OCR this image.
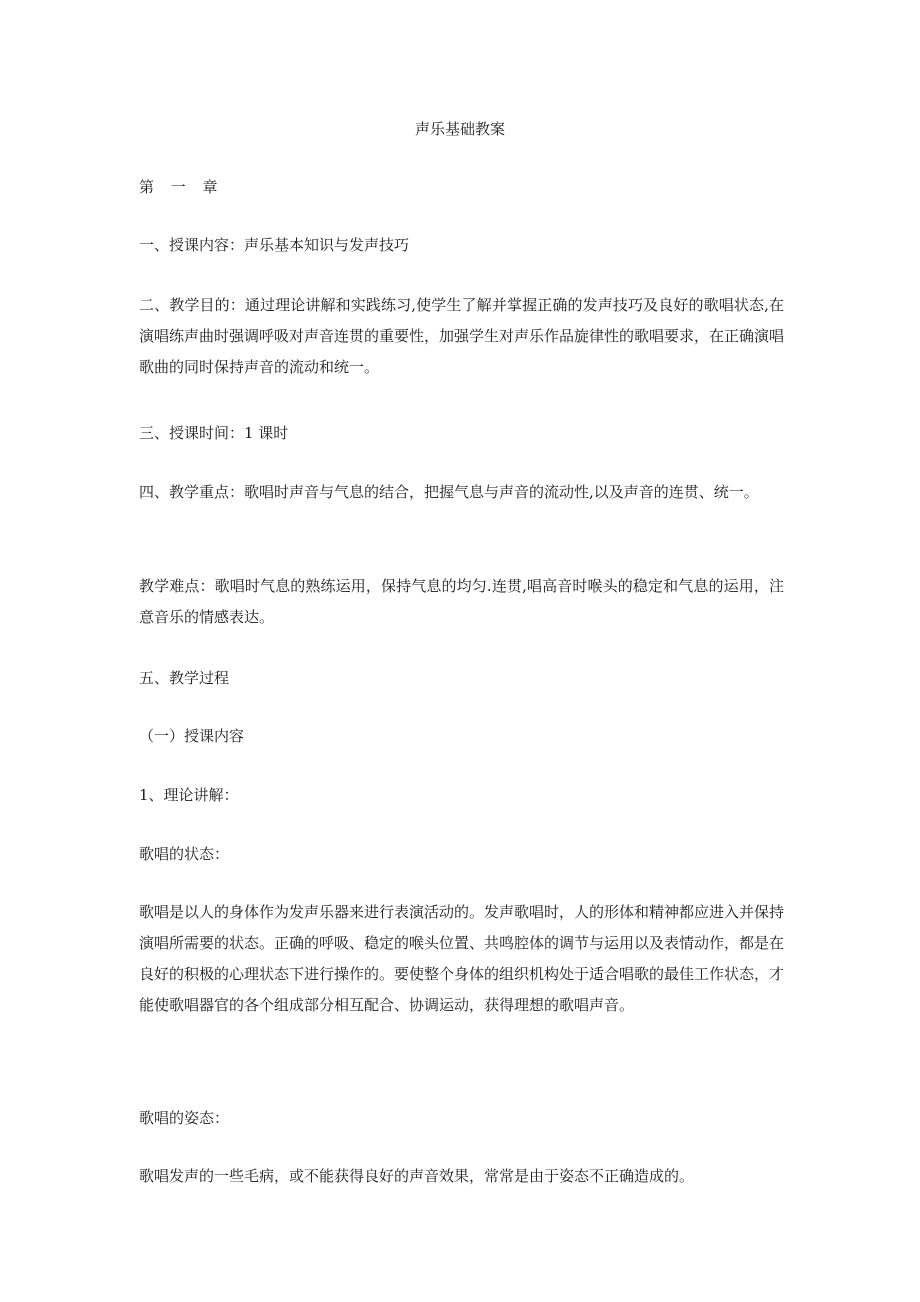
声乐基础教案

第 一 章

一、授课内容：声乐基本知识与发声技巧

二、教学目的：通过理论讲解和实践练习,使学生了解并掌握正确的发声技巧及良好的歌唱状态,在演唱练声曲时强调呼吸对声音连贯的重要性，加强学生对声乐作品旋律性的歌唱要求，在正确演唱歌曲的同时保持声音的流动和统一。

三、授课时间：1 课时

四、教学重点：歌唱时声音与气息的结合，把握气息与声音的流动性,以及声音的连贯、统一。

教学难点：歌唱时气息的熟练运用，保持气息的均匀.连贯,唱高音时喉头的稳定和气息的运用，注意音乐的情感表达。

五、教学过程

（一）授课内容

1、理论讲解：

歌唱的状态：

歌唱是以人的身体作为发声乐器来进行表演活动的。发声歌唱时，人的形体和精神都应进入并保持演唱所需要的状态。正确的呼吸、稳定的喉头位置、共鸣腔体的调节与运用以及表情动作，都是在良好的积极的心理状态下进行操作的。要使整个身体的组织机构处于适合唱歌的最佳工作状态，才能使歌唱器官的各个组成部分相互配合、协调运动，获得理想的歌唱声音。

歌唱的姿态：

歌唱发声的一些毛病，或不能获得良好的声音效果，常常是由于姿态不正确造成的。
